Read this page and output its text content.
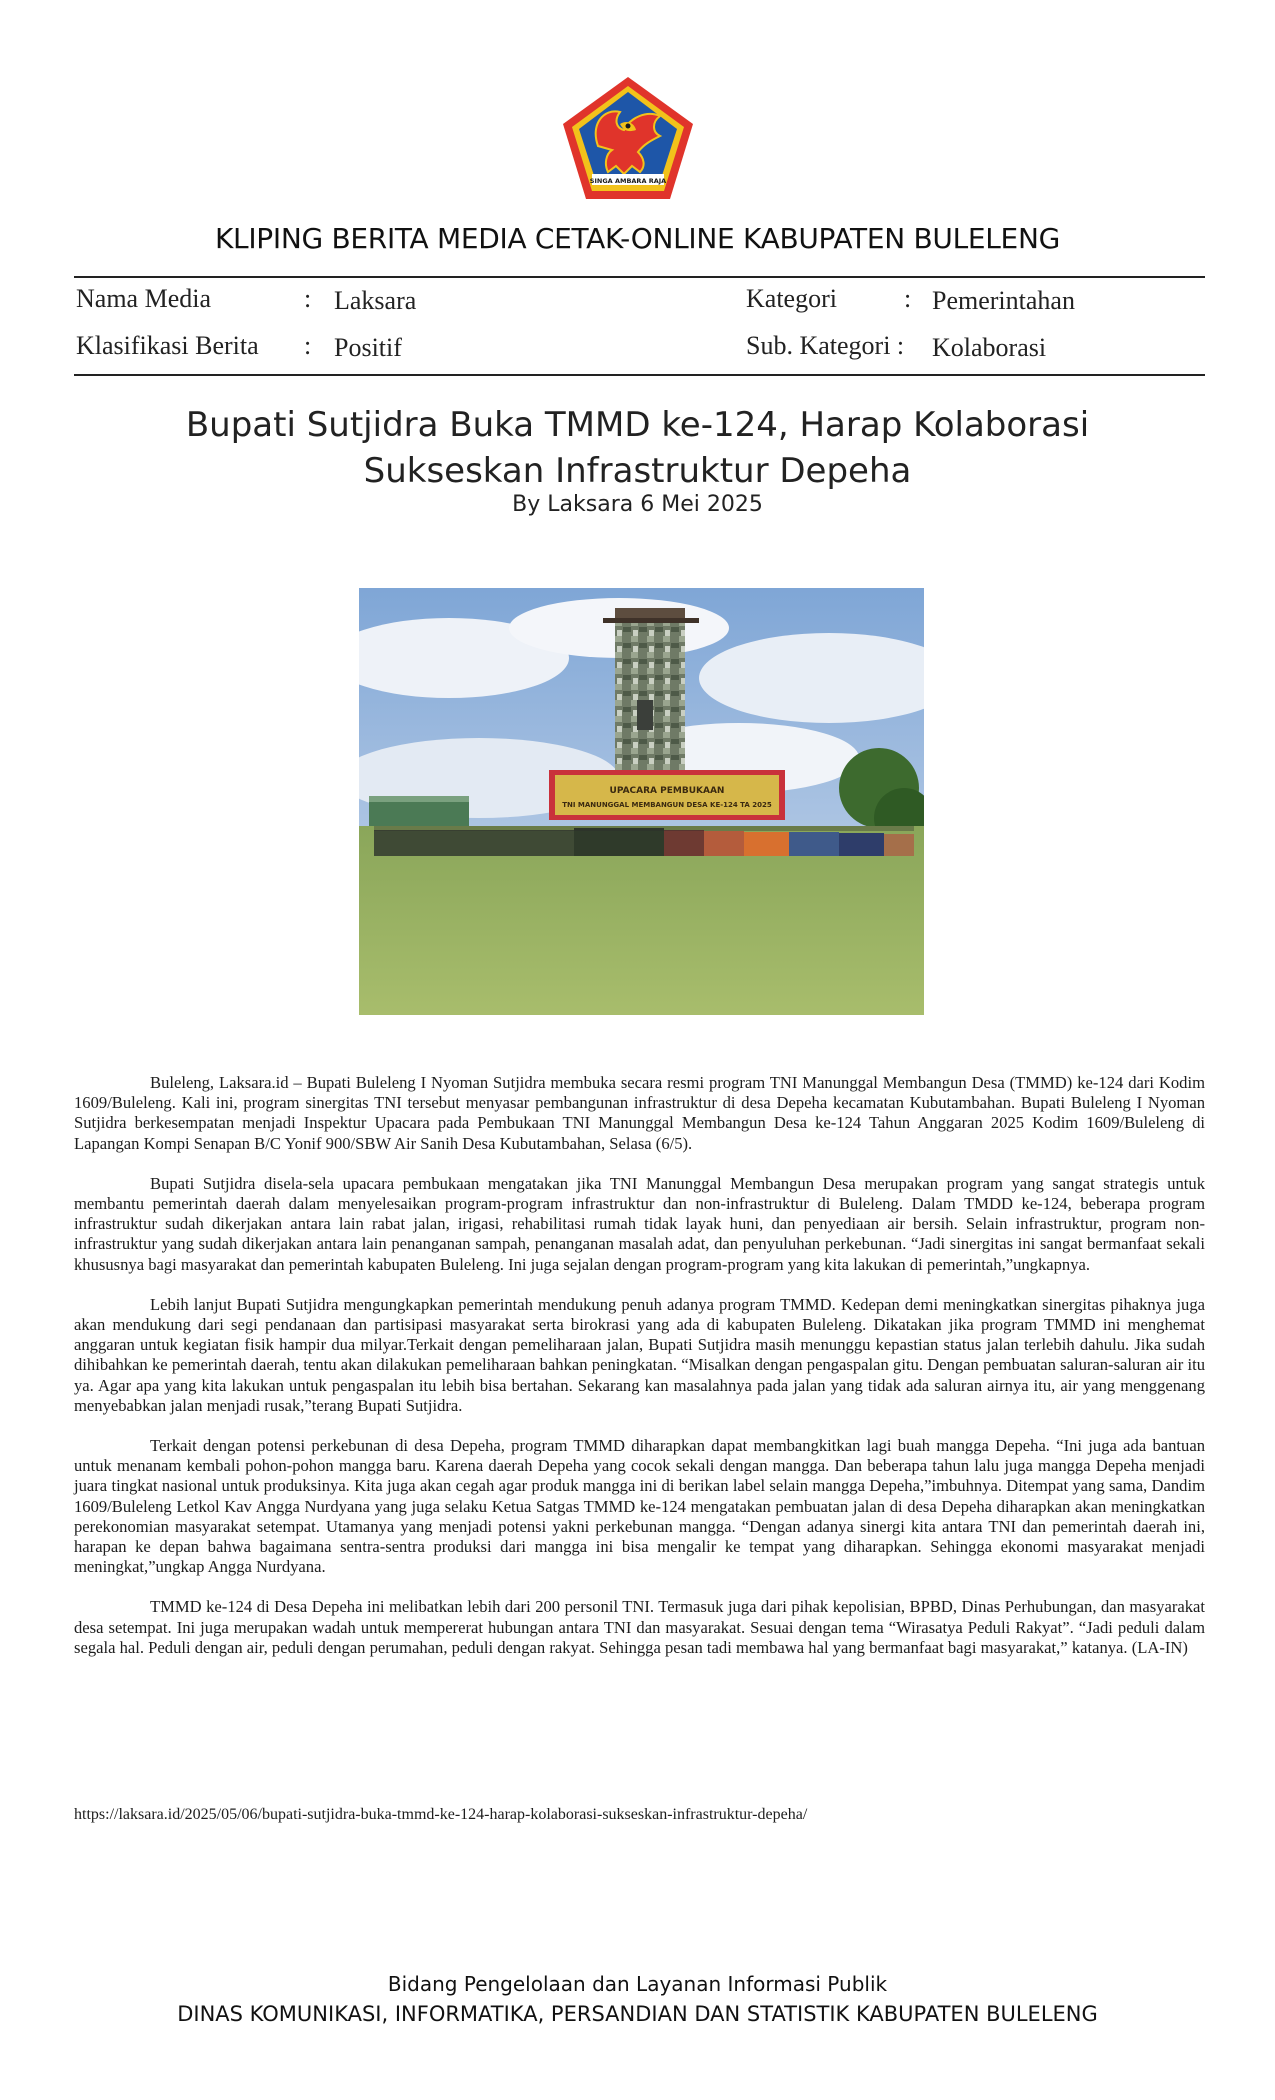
SINGA AMBARA RAJA
KLIPING BERITA MEDIA CETAK-ONLINE KABUPATEN BULELENG
Nama Media	: Laksara	Kategori	: Pemerintahan
Klasifikasi Berita : Positif	Sub. Kategori : Kolaborasi
Bupati Sutjidra Buka TMMD ke-124, Harap Kolaborasi Sukseskan Infrastruktur Depeha
By Laksara 6 Mei 2025
UPACARA PEMBUKAAN
TNI MANUNGGAL MEMBANGUN DESA KE-124 TA 2025

Buleleng, Laksara.id – Bupati Buleleng I Nyoman Sutjidra membuka secara resmi program TNI Manunggal Membangun Desa (TMMD) ke-124 dari Kodim 1609/Buleleng. Kali ini, program sinergitas TNI tersebut menyasar pembangunan infrastruktur di desa Depeha kecamatan Kubutambahan. Bupati Buleleng I Nyoman Sutjidra berkesempatan menjadi Inspektur Upacara pada Pembukaan TNI Manunggal Membangun Desa ke-124 Tahun Anggaran 2025 Kodim 1609/Buleleng di Lapangan Kompi Senapan B/C Yonif 900/SBW Air Sanih Desa Kubutambahan, Selasa (6/5).

Bupati Sutjidra disela-sela upacara pembukaan mengatakan jika TNI Manunggal Membangun Desa merupakan program yang sangat strategis untuk membantu pemerintah daerah dalam menyelesaikan program-program infrastruktur dan non-infrastruktur di Buleleng. Dalam TMDD ke-124, beberapa program infrastruktur sudah dikerjakan antara lain rabat jalan, irigasi, rehabilitasi rumah tidak layak huni, dan penyediaan air bersih. Selain infrastruktur, program non-infrastruktur yang sudah dikerjakan antara lain penanganan sampah, penanganan masalah adat, dan penyuluhan perkebunan. “Jadi sinergitas ini sangat bermanfaat sekali khususnya bagi masyarakat dan pemerintah kabupaten Buleleng. Ini juga sejalan dengan program-program yang kita lakukan di pemerintah,”ungkapnya.

Lebih lanjut Bupati Sutjidra mengungkapkan pemerintah mendukung penuh adanya program TMMD. Kedepan demi meningkatkan sinergitas pihaknya juga akan mendukung dari segi pendanaan dan partisipasi masyarakat serta birokrasi yang ada di kabupaten Buleleng. Dikatakan jika program TMMD ini menghemat anggaran untuk kegiatan fisik hampir dua milyar.Terkait dengan pemeliharaan jalan, Bupati Sutjidra masih menunggu kepastian status jalan terlebih dahulu. Jika sudah dihibahkan ke pemerintah daerah, tentu akan dilakukan pemeliharaan bahkan peningkatan. “Misalkan dengan pengaspalan gitu. Dengan pembuatan saluran-saluran air itu ya. Agar apa yang kita lakukan untuk pengaspalan itu lebih bisa bertahan. Sekarang kan masalahnya pada jalan yang tidak ada saluran airnya itu, air yang menggenang menyebabkan jalan menjadi rusak,”terang Bupati Sutjidra.

Terkait dengan potensi perkebunan di desa Depeha, program TMMD diharapkan dapat membangkitkan lagi buah mangga Depeha. “Ini juga ada bantuan untuk menanam kembali pohon-pohon mangga baru. Karena daerah Depeha yang cocok sekali dengan mangga. Dan beberapa tahun lalu juga mangga Depeha menjadi juara tingkat nasional untuk produksinya. Kita juga akan cegah agar produk mangga ini di berikan label selain mangga Depeha,”imbuhnya. Ditempat yang sama, Dandim 1609/Buleleng Letkol Kav Angga Nurdyana yang juga selaku Ketua Satgas TMMD ke-124 mengatakan pembuatan jalan di desa Depeha diharapkan akan meningkatkan perekonomian masyarakat setempat. Utamanya yang menjadi potensi yakni perkebunan mangga. “Dengan adanya sinergi kita antara TNI dan pemerintah daerah ini, harapan ke depan bahwa bagaimana sentra-sentra produksi dari mangga ini bisa mengalir ke tempat yang diharapkan. Sehingga ekonomi masyarakat menjadi meningkat,”ungkap Angga Nurdyana.

TMMD ke-124 di Desa Depeha ini melibatkan lebih dari 200 personil TNI. Termasuk juga dari pihak kepolisian, BPBD, Dinas Perhubungan, dan masyarakat desa setempat. Ini juga merupakan wadah untuk mempererat hubungan antara TNI dan masyarakat. Sesuai dengan tema “Wirasatya Peduli Rakyat”. “Jadi peduli dalam segala hal. Peduli dengan air, peduli dengan perumahan, peduli dengan rakyat. Sehingga pesan tadi membawa hal yang bermanfaat bagi masyarakat,” katanya. (LA-IN)

https://laksara.id/2025/05/06/bupati-sutjidra-buka-tmmd-ke-124-harap-kolaborasi-sukseskan-infrastruktur-depeha/
Bidang Pengelolaan dan Layanan Informasi Publik
DINAS KOMUNIKASI, INFORMATIKA, PERSANDIAN DAN STATISTIK KABUPATEN BULELENG
